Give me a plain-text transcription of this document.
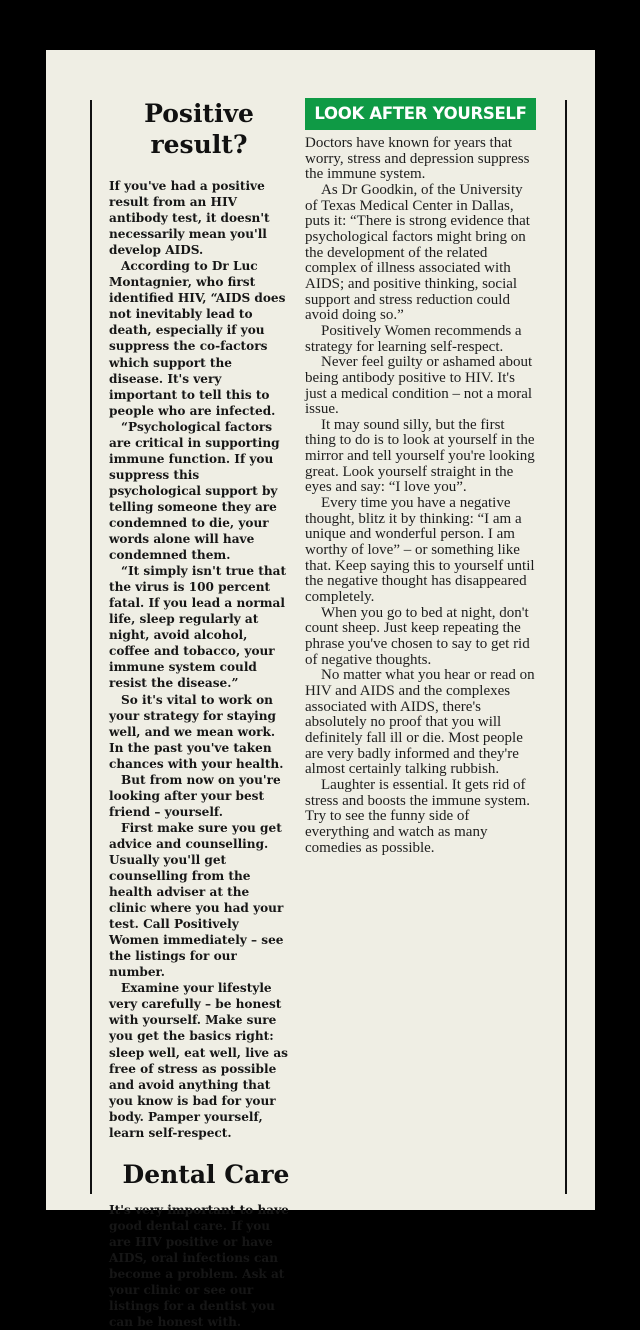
Positive result?

If you've had a positive result from an HIV antibody test, it doesn't necessarily mean you'll develop AIDS.

According to Dr Luc Montagnier, who first identified HIV, “AIDS does not inevitably lead to death, especially if you suppress the co-factors which support the disease. It's very important to tell this to people who are infected.

“Psychological factors are critical in supporting immune function. If you suppress this psychological support by telling someone they are condemned to die, your words alone will have condemned them.

“It simply isn't true that the virus is 100 percent fatal. If you lead a normal life, sleep regularly at night, avoid alcohol, coffee and tobacco, your immune system could resist the disease.”

So it's vital to work on your strategy for staying well, and we mean work. In the past you've taken chances with your health.

But from now on you're looking after your best friend – yourself.

First make sure you get advice and counselling. Usually you'll get counselling from the health adviser at the clinic where you had your test. Call Positively Women immediately – see the listings for our number.

Examine your lifestyle very carefully – be honest with yourself. Make sure you get the basics right: sleep well, eat well, live as free of stress as possible and avoid anything that you know is bad for your body. Pamper yourself, learn self-respect.

Dental Care

It's very important to have good dental care. If you are HIV positive or have AIDS, oral infections can become a problem. Ask at your clinic or see our listings for a dentist you can be honest with.

LOOK AFTER YOURSELF

Doctors have known for years that worry, stress and depression suppress the immune system.

As Dr Goodkin, of the University of Texas Medical Center in Dallas, puts it: “There is strong evidence that psychological factors might bring on the development of the related complex of illness associated with AIDS; and positive thinking, social support and stress reduction could avoid doing so.”

Positively Women recommends a strategy for learning self-respect.

Never feel guilty or ashamed about being antibody positive to HIV. It's just a medical condition – not a moral issue.

It may sound silly, but the first thing to do is to look at yourself in the mirror and tell yourself you're looking great. Look yourself straight in the eyes and say: “I love you”.

Every time you have a negative thought, blitz it by thinking: “I am a unique and wonderful person. I am worthy of love” – or something like that. Keep saying this to yourself until the negative thought has disappeared completely.

When you go to bed at night, don't count sheep. Just keep repeating the phrase you've chosen to say to get rid of negative thoughts.

No matter what you hear or read on HIV and AIDS and the complexes associated with AIDS, there's absolutely no proof that you will definitely fall ill or die. Most people are very badly informed and they're almost certainly talking rubbish.

Laughter is essential. It gets rid of stress and boosts the immune system. Try to see the funny side of everything and watch as many comedies as possible.
